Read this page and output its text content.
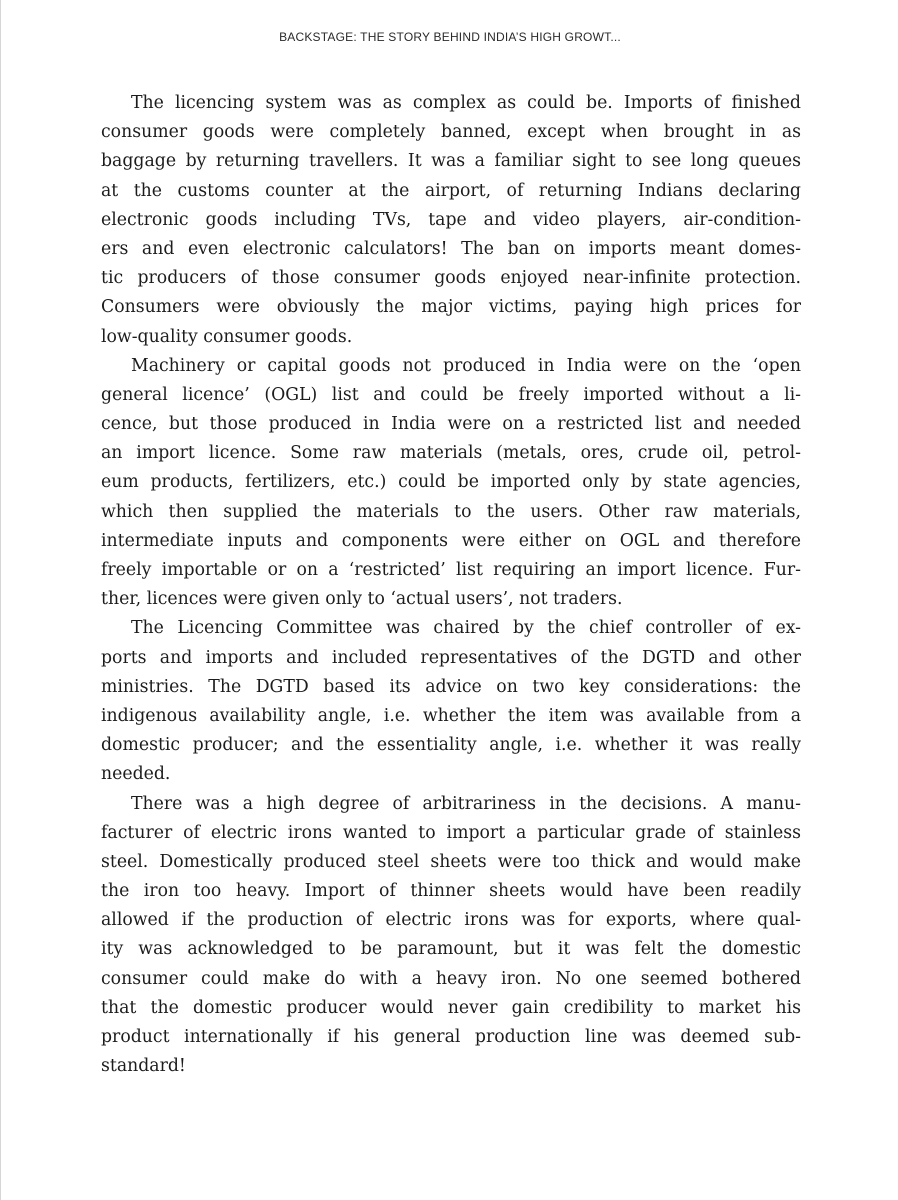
BACKSTAGE: THE STORY BEHIND INDIA’S HIGH GROWT...
The licencing system was as complex as could be. Imports of finished
consumer goods were completely banned, except when brought in as
baggage by returning travellers. It was a familiar sight to see long queues
at the customs counter at the airport, of returning Indians declaring
electronic goods including TVs, tape and video players, air-condition-
ers and even electronic calculators! The ban on imports meant domes-
tic producers of those consumer goods enjoyed near-infinite protection.
Consumers were obviously the major victims, paying high prices for
low-quality consumer goods.
Machinery or capital goods not produced in India were on the ‘open
general licence’ (OGL) list and could be freely imported without a li-
cence, but those produced in India were on a restricted list and needed
an import licence. Some raw materials (metals, ores, crude oil, petrol-
eum products, fertilizers, etc.) could be imported only by state agencies,
which then supplied the materials to the users. Other raw materials,
intermediate inputs and components were either on OGL and therefore
freely importable or on a ‘restricted’ list requiring an import licence. Fur-
ther, licences were given only to ‘actual users’, not traders.
The Licencing Committee was chaired by the chief controller of ex-
ports and imports and included representatives of the DGTD and other
ministries. The DGTD based its advice on two key considerations: the
indigenous availability angle, i.e. whether the item was available from a
domestic producer; and the essentiality angle, i.e. whether it was really
needed.
There was a high degree of arbitrariness in the decisions. A manu-
facturer of electric irons wanted to import a particular grade of stainless
steel. Domestically produced steel sheets were too thick and would make
the iron too heavy. Import of thinner sheets would have been readily
allowed if the production of electric irons was for exports, where qual-
ity was acknowledged to be paramount, but it was felt the domestic
consumer could make do with a heavy iron. No one seemed bothered
that the domestic producer would never gain credibility to market his
product internationally if his general production line was deemed sub-
standard!
